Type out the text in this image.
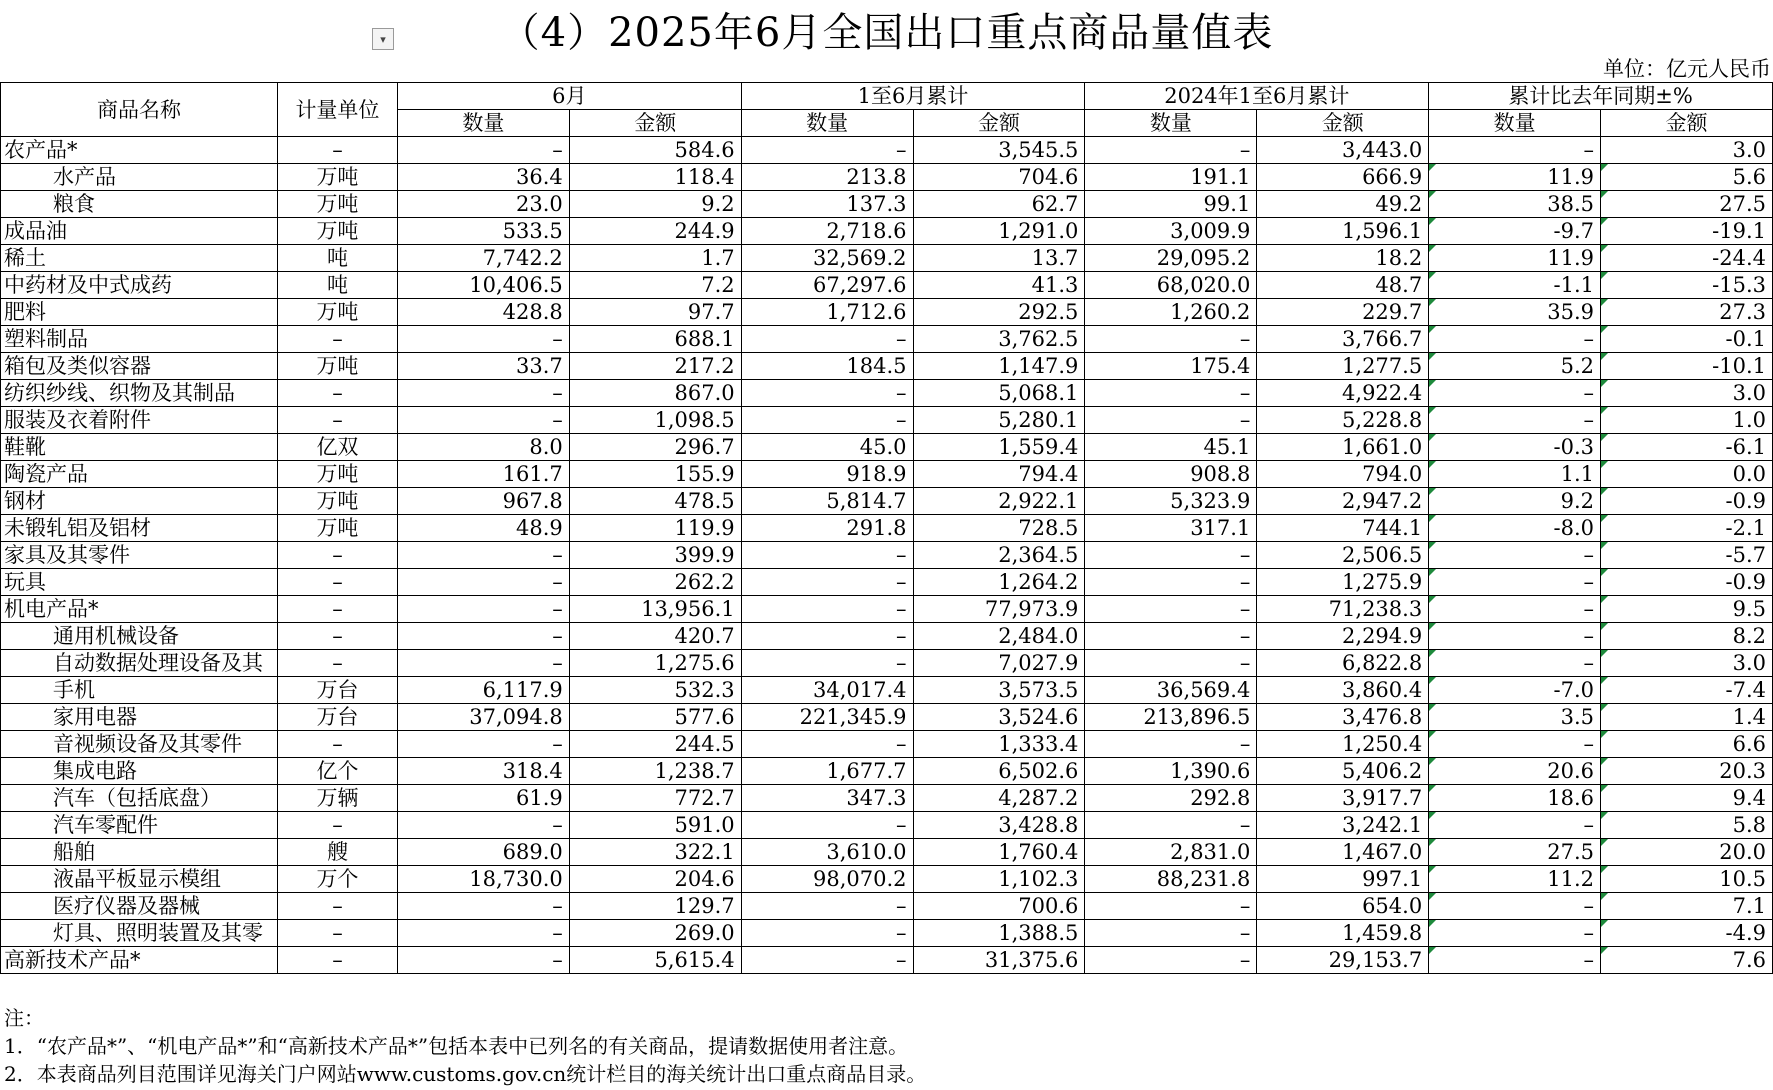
（4）2025年6月全国出口重点商品量值表
▾
单位：亿元人民币
商品名称	计量单位	6月		1至6月累计		2024年1至6月累计		累计比去年同期±%	
		数量	金额	数量	金额	数量	金额	数量	金额
农产品*	–	–	584.6	–	3,545.5	–	3,443.0	–	3.0
水产品	万吨	36.4	118.4	213.8	704.6	191.1	666.9	11.9	5.6
粮食	万吨	23.0	9.2	137.3	62.7	99.1	49.2	38.5	27.5
成品油	万吨	533.5	244.9	2,718.6	1,291.0	3,009.9	1,596.1	-9.7	-19.1
稀土	吨	7,742.2	1.7	32,569.2	13.7	29,095.2	18.2	11.9	-24.4
中药材及中式成药	吨	10,406.5	7.2	67,297.6	41.3	68,020.0	48.7	-1.1	-15.3
肥料	万吨	428.8	97.7	1,712.6	292.5	1,260.2	229.7	35.9	27.3
塑料制品	–	–	688.1	–	3,762.5	–	3,766.7	–	-0.1
箱包及类似容器	万吨	33.7	217.2	184.5	1,147.9	175.4	1,277.5	5.2	-10.1
纺织纱线、织物及其制品	–	–	867.0	–	5,068.1	–	4,922.4	–	3.0
服装及衣着附件	–	–	1,098.5	–	5,280.1	–	5,228.8	–	1.0
鞋靴	亿双	8.0	296.7	45.0	1,559.4	45.1	1,661.0	-0.3	-6.1
陶瓷产品	万吨	161.7	155.9	918.9	794.4	908.8	794.0	1.1	0.0
钢材	万吨	967.8	478.5	5,814.7	2,922.1	5,323.9	2,947.2	9.2	-0.9
未锻轧铝及铝材	万吨	48.9	119.9	291.8	728.5	317.1	744.1	-8.0	-2.1
家具及其零件	–	–	399.9	–	2,364.5	–	2,506.5	–	-5.7
玩具	–	–	262.2	–	1,264.2	–	1,275.9	–	-0.9
机电产品*	–	–	13,956.1	–	77,973.9	–	71,238.3	–	9.5
通用机械设备	–	–	420.7	–	2,484.0	–	2,294.9	–	8.2
自动数据处理设备及其	–	–	1,275.6	–	7,027.9	–	6,822.8	–	3.0
手机	万台	6,117.9	532.3	34,017.4	3,573.5	36,569.4	3,860.4	-7.0	-7.4
家用电器	万台	37,094.8	577.6	221,345.9	3,524.6	213,896.5	3,476.8	3.5	1.4
音视频设备及其零件	–	–	244.5	–	1,333.4	–	1,250.4	–	6.6
集成电路	亿个	318.4	1,238.7	1,677.7	6,502.6	1,390.6	5,406.2	20.6	20.3
汽车（包括底盘）	万辆	61.9	772.7	347.3	4,287.2	292.8	3,917.7	18.6	9.4
汽车零配件	–	–	591.0	–	3,428.8	–	3,242.1	–	5.8
船舶	艘	689.0	322.1	3,610.0	1,760.4	2,831.0	1,467.0	27.5	20.0
液晶平板显示模组	万个	18,730.0	204.6	98,070.2	1,102.3	88,231.8	997.1	11.2	10.5
医疗仪器及器械	–	–	129.7	–	700.6	–	654.0	–	7.1
灯具、照明装置及其零	–	–	269.0	–	1,388.5	–	1,459.8	–	-4.9
高新技术产品*	–	–	5,615.4	–	31,375.6	–	29,153.7	–	7.6
注：
1．“农产品*”、“机电产品*”和“高新技术产品*”包括本表中已列名的有关商品，提请数据使用者注意。
2．本表商品列目范围详见海关门户网站www.customs.gov.cn统计栏目的海关统计出口重点商品目录。
